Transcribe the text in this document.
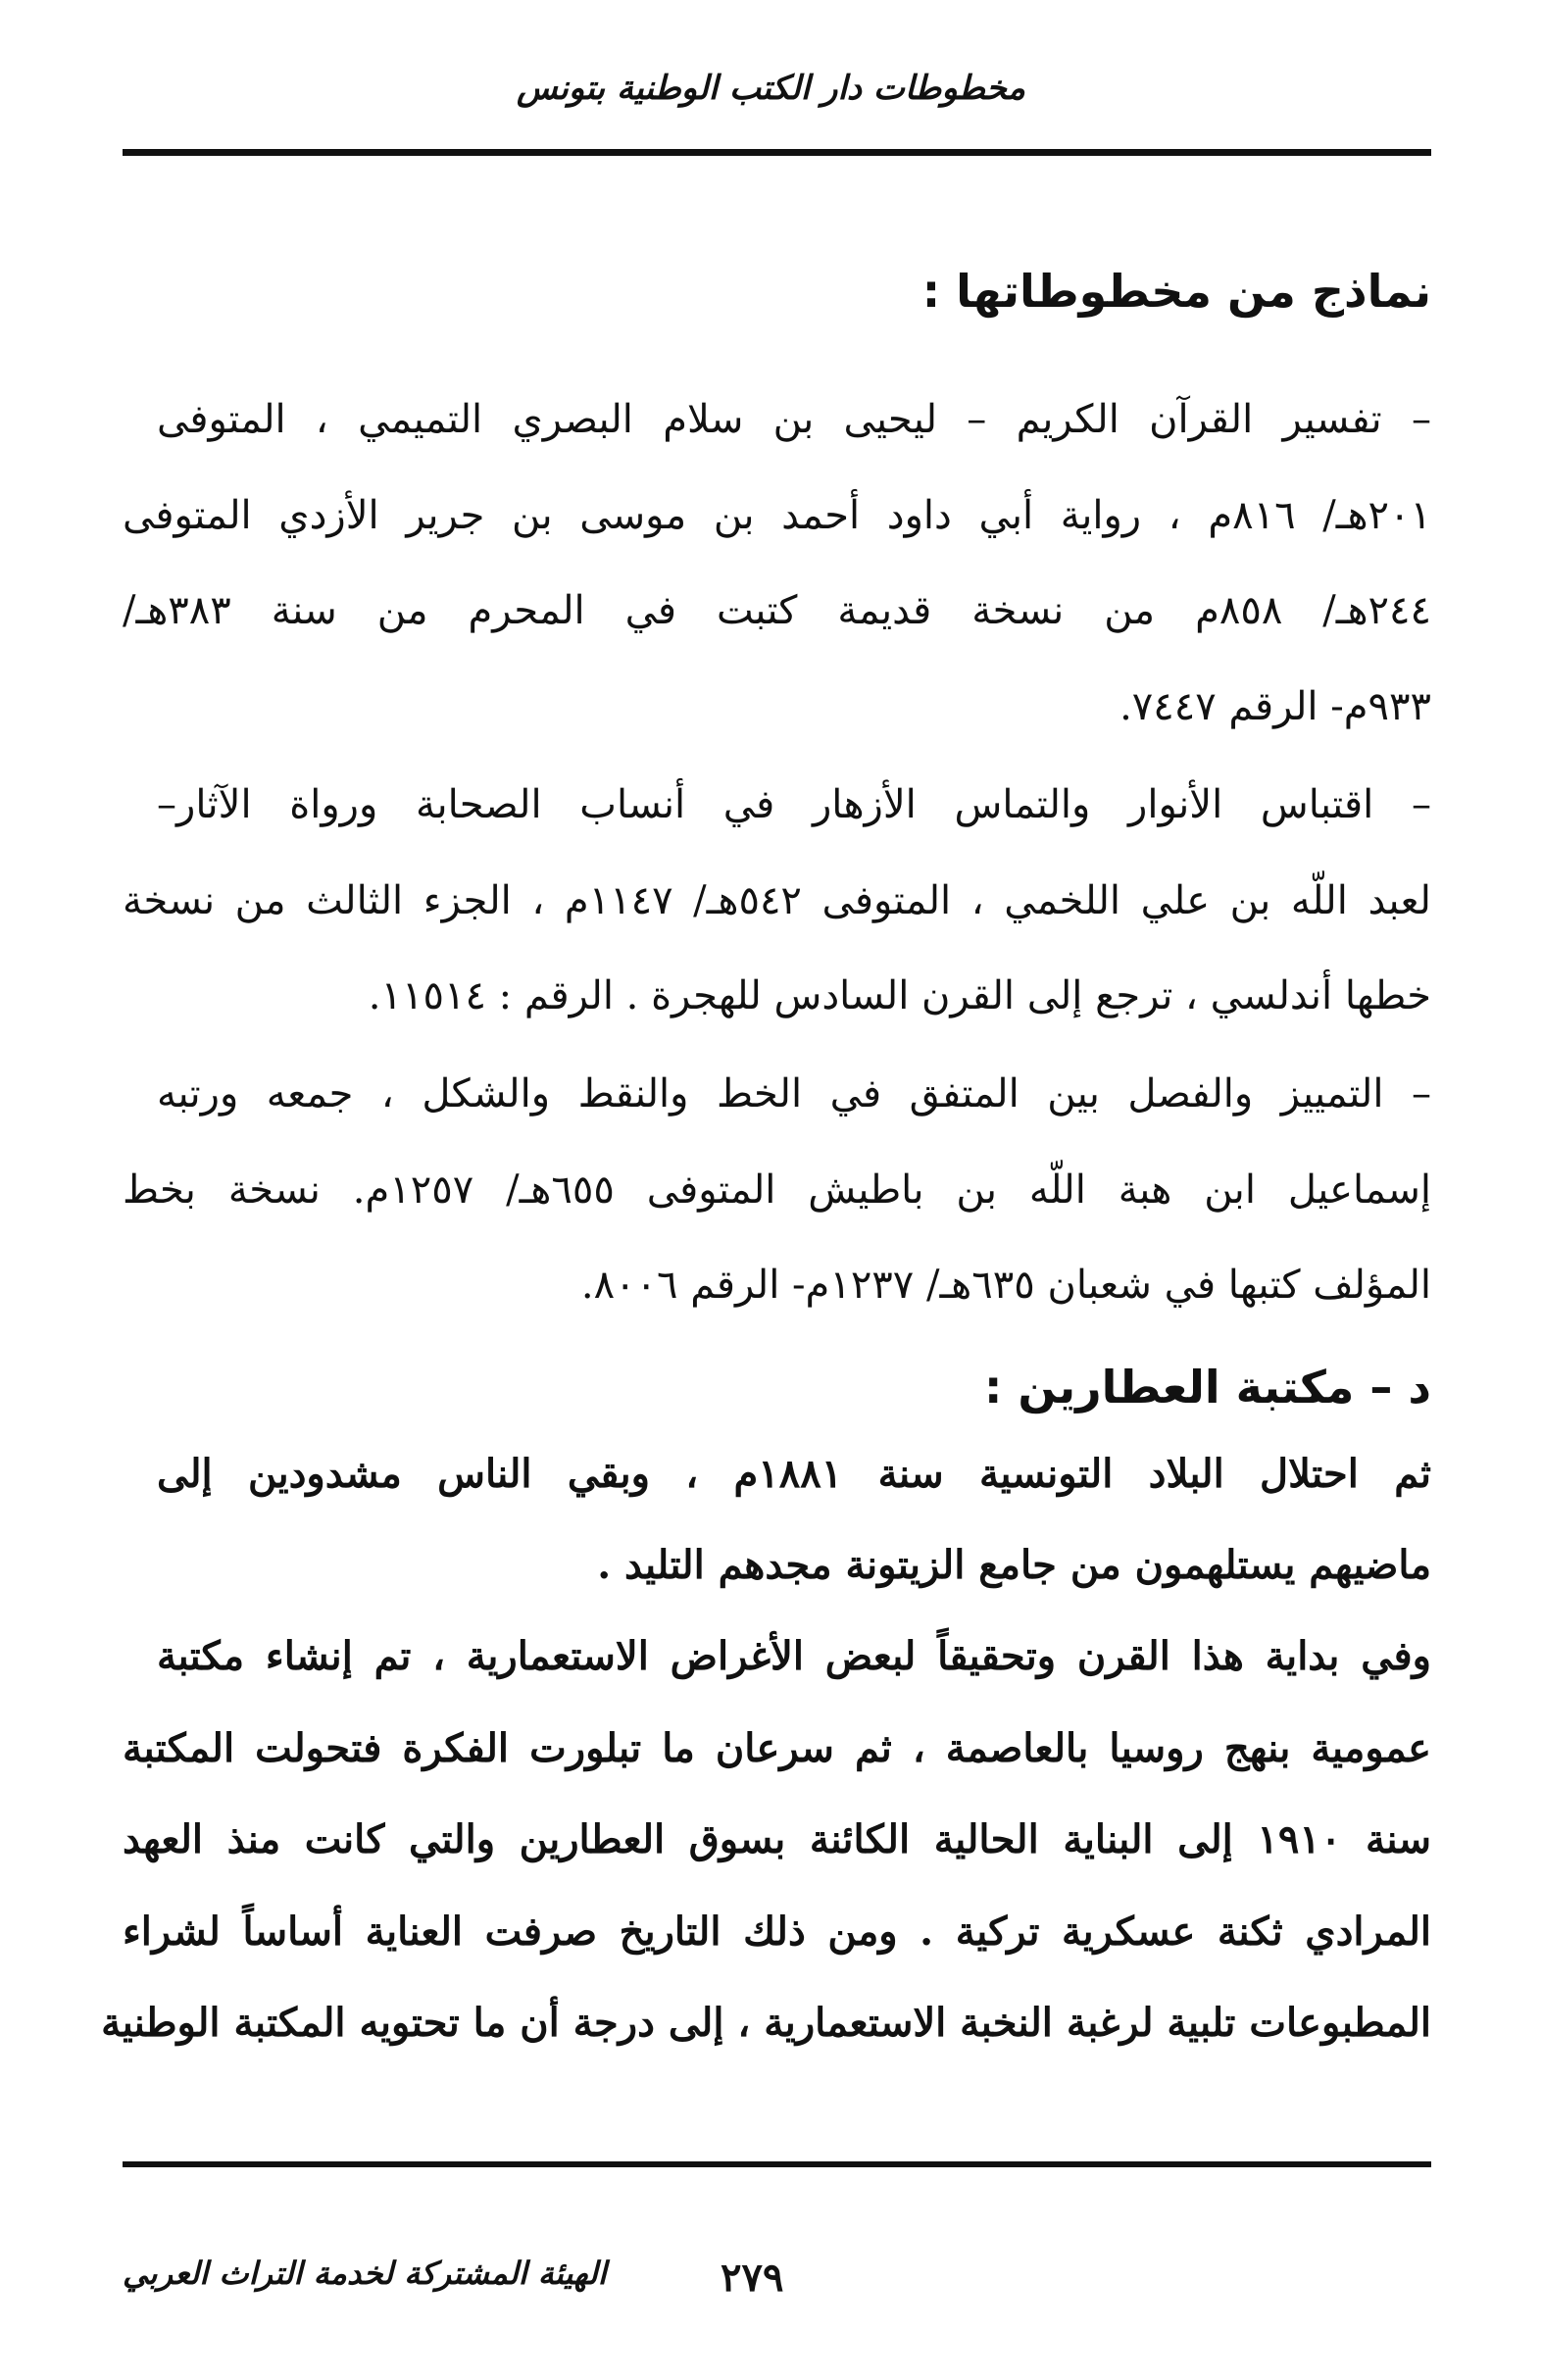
مخطوطات دار الكتب الوطنية بتونس
نماذج من مخطوطاتها :
– تفسير القرآن الكريم – ليحيى بن سلام البصري التميمي ، المتوفى
٢٠١هـ/ ٨١٦م ، رواية أبي داود أحمد بن موسى بن جرير الأزدي المتوفى
٢٤٤هـ/ ٨٥٨م من نسخة قديمة كتبت في المحرم من سنة ٣٨٣هـ/
٩٣٣م- الرقم ٧٤٤٧.
– اقتباس الأنوار والتماس الأزهار في أنساب الصحابة ورواة الآثار–
لعبد اللّه بن علي اللخمي ، المتوفى ٥٤٢هـ/ ١١٤٧م ، الجزء الثالث من نسخة
خطها أندلسي ، ترجع إلى القرن السادس للهجرة . الرقم : ١١٥١٤.
– التمييز والفصل بين المتفق في الخط والنقط والشكل ، جمعه ورتبه
إسماعيل ابن هبة اللّه بن باطيش المتوفى ٦٥٥هـ/ ١٢٥٧م. نسخة بخط
المؤلف كتبها في شعبان ٦٣٥هـ/ ١٢٣٧م- الرقم ٨٠٠٦.
د – مكتبة العطارين :
ثم احتلال البلاد التونسية سنة ١٨٨١م ، وبقي الناس مشدودين إلى
ماضيهم يستلهمون من جامع الزيتونة مجدهم التليد .
وفي بداية هذا القرن وتحقيقاً لبعض الأغراض الاستعمارية ، تم إنشاء مكتبة
عمومية بنهج روسيا بالعاصمة ، ثم سرعان ما تبلورت الفكرة فتحولت المكتبة
سنة ١٩١٠ إلى البناية الحالية الكائنة بسوق العطارين والتي كانت منذ العهد
المرادي ثكنة عسكرية تركية . ومن ذلك التاريخ صرفت العناية أساساً لشراء
المطبوعات تلبية لرغبة النخبة الاستعمارية ، إلى درجة أن ما تحتويه المكتبة الوطنية
٢٧٩
الهيئة المشتركة لخدمة التراث العربي
